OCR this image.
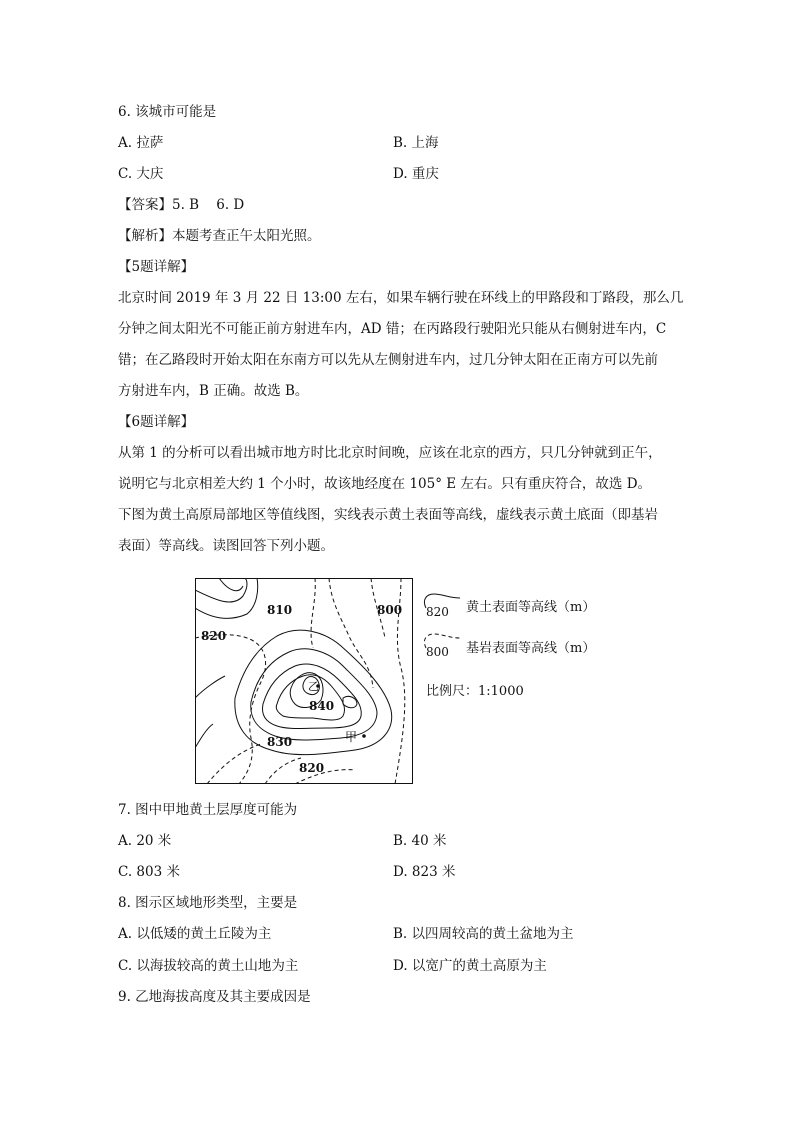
6. 该城市可能是
A. 拉萨	B. 上海
C. 大庆	D. 重庆
【答案】5. B    6. D
【解析】本题考查正午太阳光照。
【5题详解】
北京时间 2019 年 3 月 22 日 13:00 左右，如果车辆行驶在环线上的甲路段和丁路段，那么几
分钟之间太阳光不可能正前方射进车内，AD 错；在丙路段行驶阳光只能从右侧射进车内，C
错；在乙路段时开始太阳在东南方可以先从左侧射进车内，过几分钟太阳在正南方可以先前
方射进车内，B 正确。故选 B。
【6题详解】
从第 1 的分析可以看出城市地方时比北京时间晚，应该在北京的西方，只几分钟就到正午，
说明它与北京相差大约 1 个小时，故该地经度在 105° E 左右。只有重庆符合，故选 D。
下图为黄土高原局部地区等值线图，实线表示黄土表面等高线，虚线表示黄土底面（即基岩
表面）等高线。读图回答下列小题。
810	800
820
840
830
820
乙
甲
820
800
黄土表面等高线（m）
基岩表面等高线（m）
比例尺：1:1000
7. 图中甲地黄土层厚度可能为
A. 20 米	B. 40 米
C. 803 米	D. 823 米
8. 图示区域地形类型，主要是
A. 以低矮的黄土丘陵为主	B. 以四周较高的黄土盆地为主
C. 以海拔较高的黄土山地为主	D. 以宽广的黄土高原为主
9. 乙地海拔高度及其主要成因是
